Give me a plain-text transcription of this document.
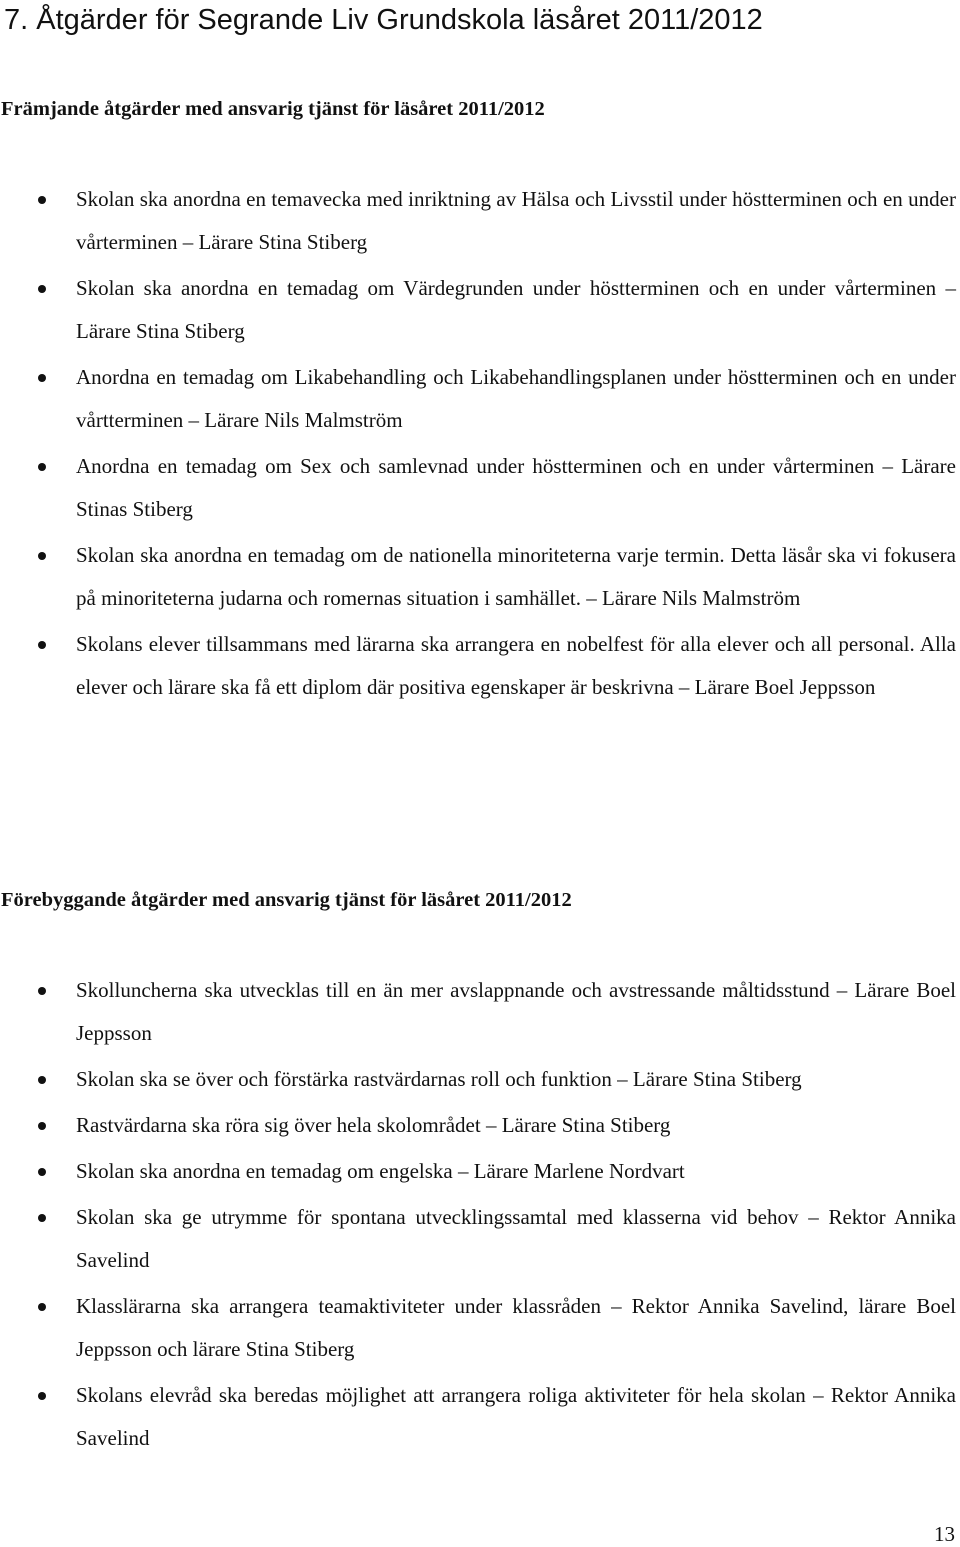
7. Åtgärder för Segrande Liv Grundskola läsåret 2011/2012
Främjande åtgärder med ansvarig tjänst för läsåret 2011/2012
Skolan ska anordna en temavecka med inriktning av Hälsa och Livsstil under höstterminen och en under vårterminen – Lärare Stina Stiberg
Skolan ska anordna en temadag om Värdegrunden under höstterminen och en under vårterminen – Lärare Stina Stiberg
Anordna en temadag om Likabehandling och Likabehandlingsplanen under höstterminen och en under vårtterminen – Lärare Nils Malmström
Anordna en temadag om Sex och samlevnad under höstterminen och en under vårterminen – Lärare Stinas Stiberg
Skolan ska anordna en temadag om de nationella minoriteterna varje termin. Detta läsår ska vi fokusera på minoriteterna judarna och romernas situation i samhället. – Lärare Nils Malmström
Skolans elever tillsammans med lärarna ska arrangera en nobelfest för alla elever och all personal. Alla elever och lärare ska få ett diplom där positiva egenskaper är beskrivna – Lärare Boel Jeppsson
Förebyggande åtgärder med ansvarig tjänst för läsåret 2011/2012
Skolluncherna ska utvecklas till en än mer avslappnande och avstressande måltidsstund – Lärare Boel Jeppsson
Skolan ska se över och förstärka rastvärdarnas roll och funktion – Lärare Stina Stiberg
Rastvärdarna ska röra sig över hela skolområdet – Lärare Stina Stiberg
Skolan ska anordna en temadag om engelska – Lärare Marlene Nordvart
Skolan ska ge utrymme för spontana utvecklingssamtal med klasserna vid behov – Rektor Annika Savelind
Klasslärarna ska arrangera teamaktiviteter under klassråden – Rektor Annika Savelind, lärare Boel Jeppsson och lärare Stina Stiberg
Skolans elevråd ska beredas möjlighet att arrangera roliga aktiviteter för hela skolan – Rektor Annika Savelind

13
